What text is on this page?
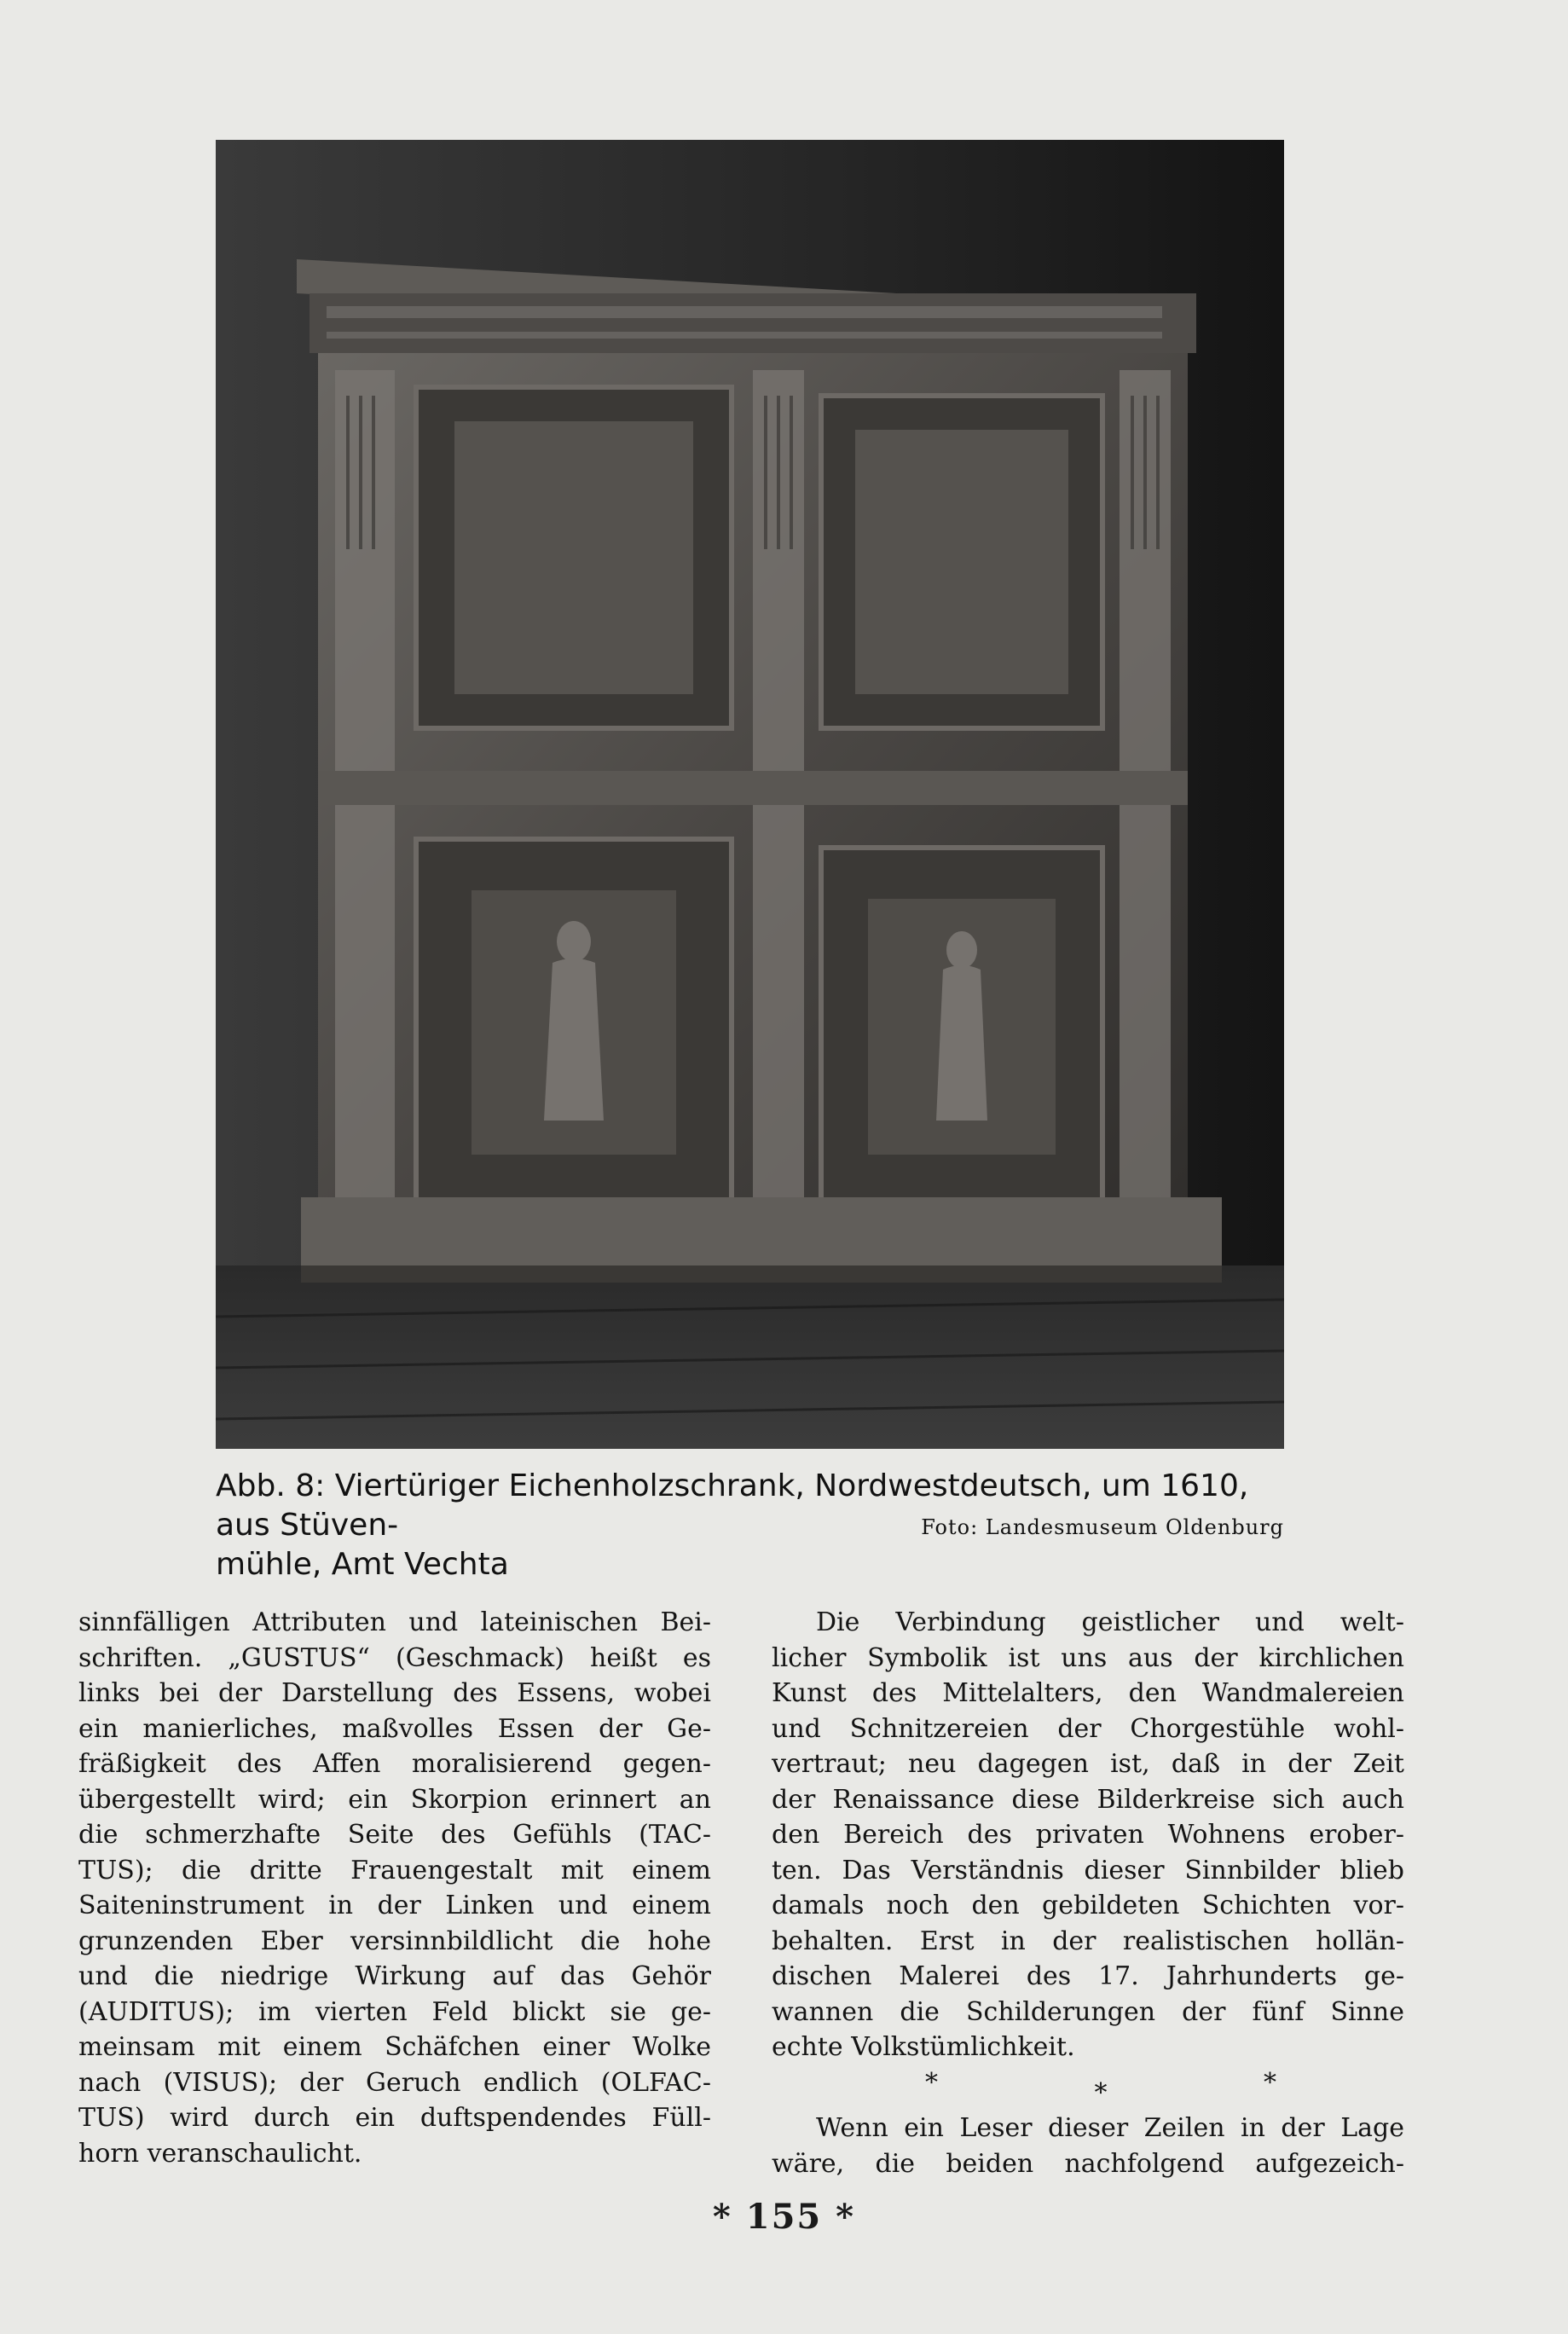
Abb. 8: Viertüriger Eichenholzschrank, Nordwestdeutsch, um 1610, aus Stüven-
mühle, Amt Vechta
Foto: Landesmuseum Oldenburg

sinnfälligen Attributen und lateinischen Bei-
schriften. „GUSTUS“ (Geschmack) heißt es
links bei der Darstellung des Essens, wobei
ein manierliches, maßvolles Essen der Ge-
fräßigkeit des Affen moralisierend gegen-
übergestellt wird; ein Skorpion erinnert an
die schmerzhafte Seite des Gefühls (TAC-
TUS); die dritte Frauengestalt mit einem
Saiteninstrument in der Linken und einem
grunzenden Eber versinnbildlicht die hohe
und die niedrige Wirkung auf das Gehör
(AUDITUS); im vierten Feld blickt sie ge-
meinsam mit einem Schäfchen einer Wolke
nach (VISUS); der Geruch endlich (OLFAC-
TUS) wird durch ein duftspendendes Füll-
horn veranschaulicht.

Die Verbindung geistlicher und welt-
licher Symbolik ist uns aus der kirchlichen
Kunst des Mittelalters, den Wandmalereien
und Schnitzereien der Chorgestühle wohl-
vertraut; neu dagegen ist, daß in der Zeit
der Renaissance diese Bilderkreise sich auch
den Bereich des privaten Wohnens erober-
ten. Das Verständnis dieser Sinnbilder blieb
damals noch den gebildeten Schichten vor-
behalten. Erst in der realistischen hollän-
dischen Malerei des 17. Jahrhunderts ge-
wannen die Schilderungen der fünf Sinne
echte Volkstümlichkeit.

*	*	*

Wenn ein Leser dieser Zeilen in der Lage
wäre, die beiden nachfolgend aufgezeich-

* 155 *
